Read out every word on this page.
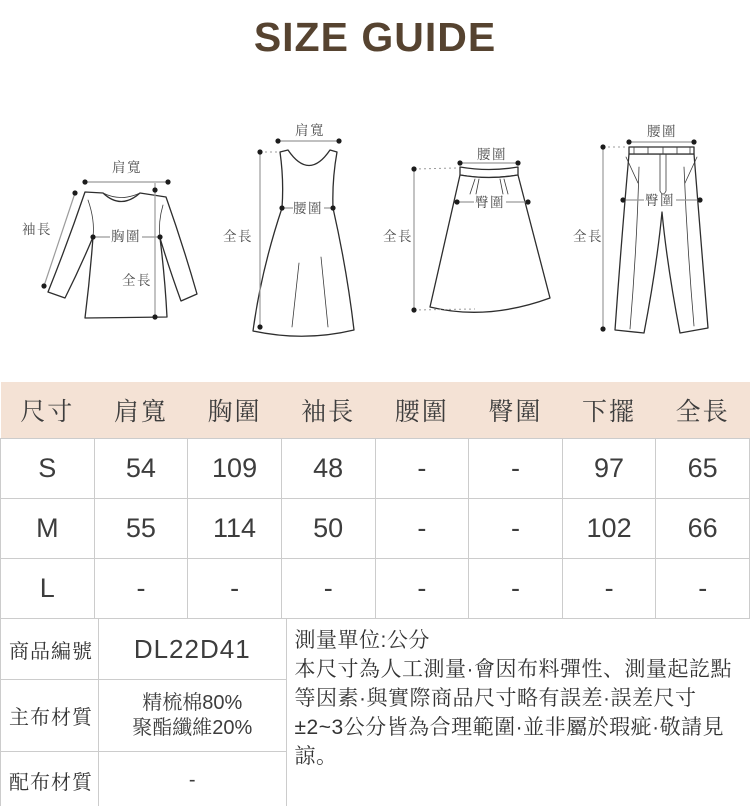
SIZE GUIDE
肩寬
袖長	胸圍
全長
肩寬
腰圍
全長
腰圍
臀圍
全長
腰圍
臀圍
全長
尺寸	肩寬	胸圍	袖長	腰圍	臀圍	下擺	全長
S	54	109	48	-	-	97	65
M	55	114	50	-	-	102	66
L	-	-	-	-	-	-	-
商品編號	DL22D41
主布材質	精梳棉80%
聚酯纖維20%

配布材質	-
測量單位:公分
本尺寸為人工測量·會因布料彈性、測量起訖點等因素·與實際商品尺寸略有誤差·誤差尺寸±2~3公分皆為合理範圍·並非屬於瑕疵·敬請見諒。
